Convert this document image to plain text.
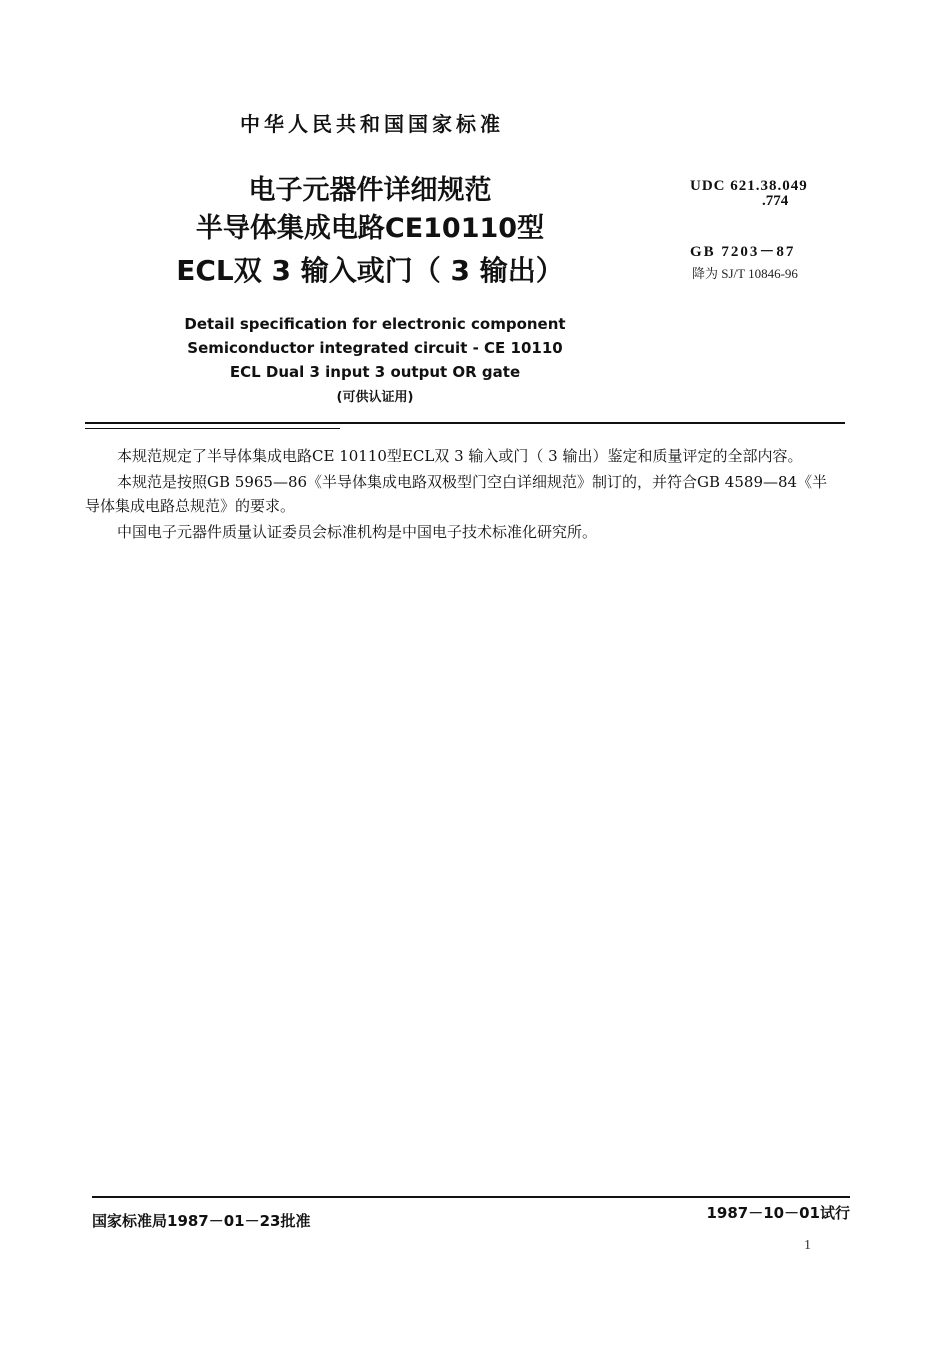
中华人民共和国国家标准
电子元器件详细规范
半导体集成电路CE10110型
ECL双 3 输入或门（ 3 输出）
UDC 621.38.049
.774
GB 7203－87
降为 SJ/T 10846-96
Detail specification for electronic component
Semiconductor integrated circuit - CE 10110
ECL Dual 3 input 3 output OR gate
(可供认证用)

本规范规定了半导体集成电路CE 10110型ECL双 3 输入或门（ 3 输出）鉴定和质量评定的全部内容。

本规范是按照GB 5965—86《半导体集成电路双极型门空白详细规范》制订的，并符合GB 4589—84《半导体集成电路总规范》的要求。

中国电子元器件质量认证委员会标准机构是中国电子技术标准化研究所。

国家标准局1987－01－23批准	1987－10－01试行
1
